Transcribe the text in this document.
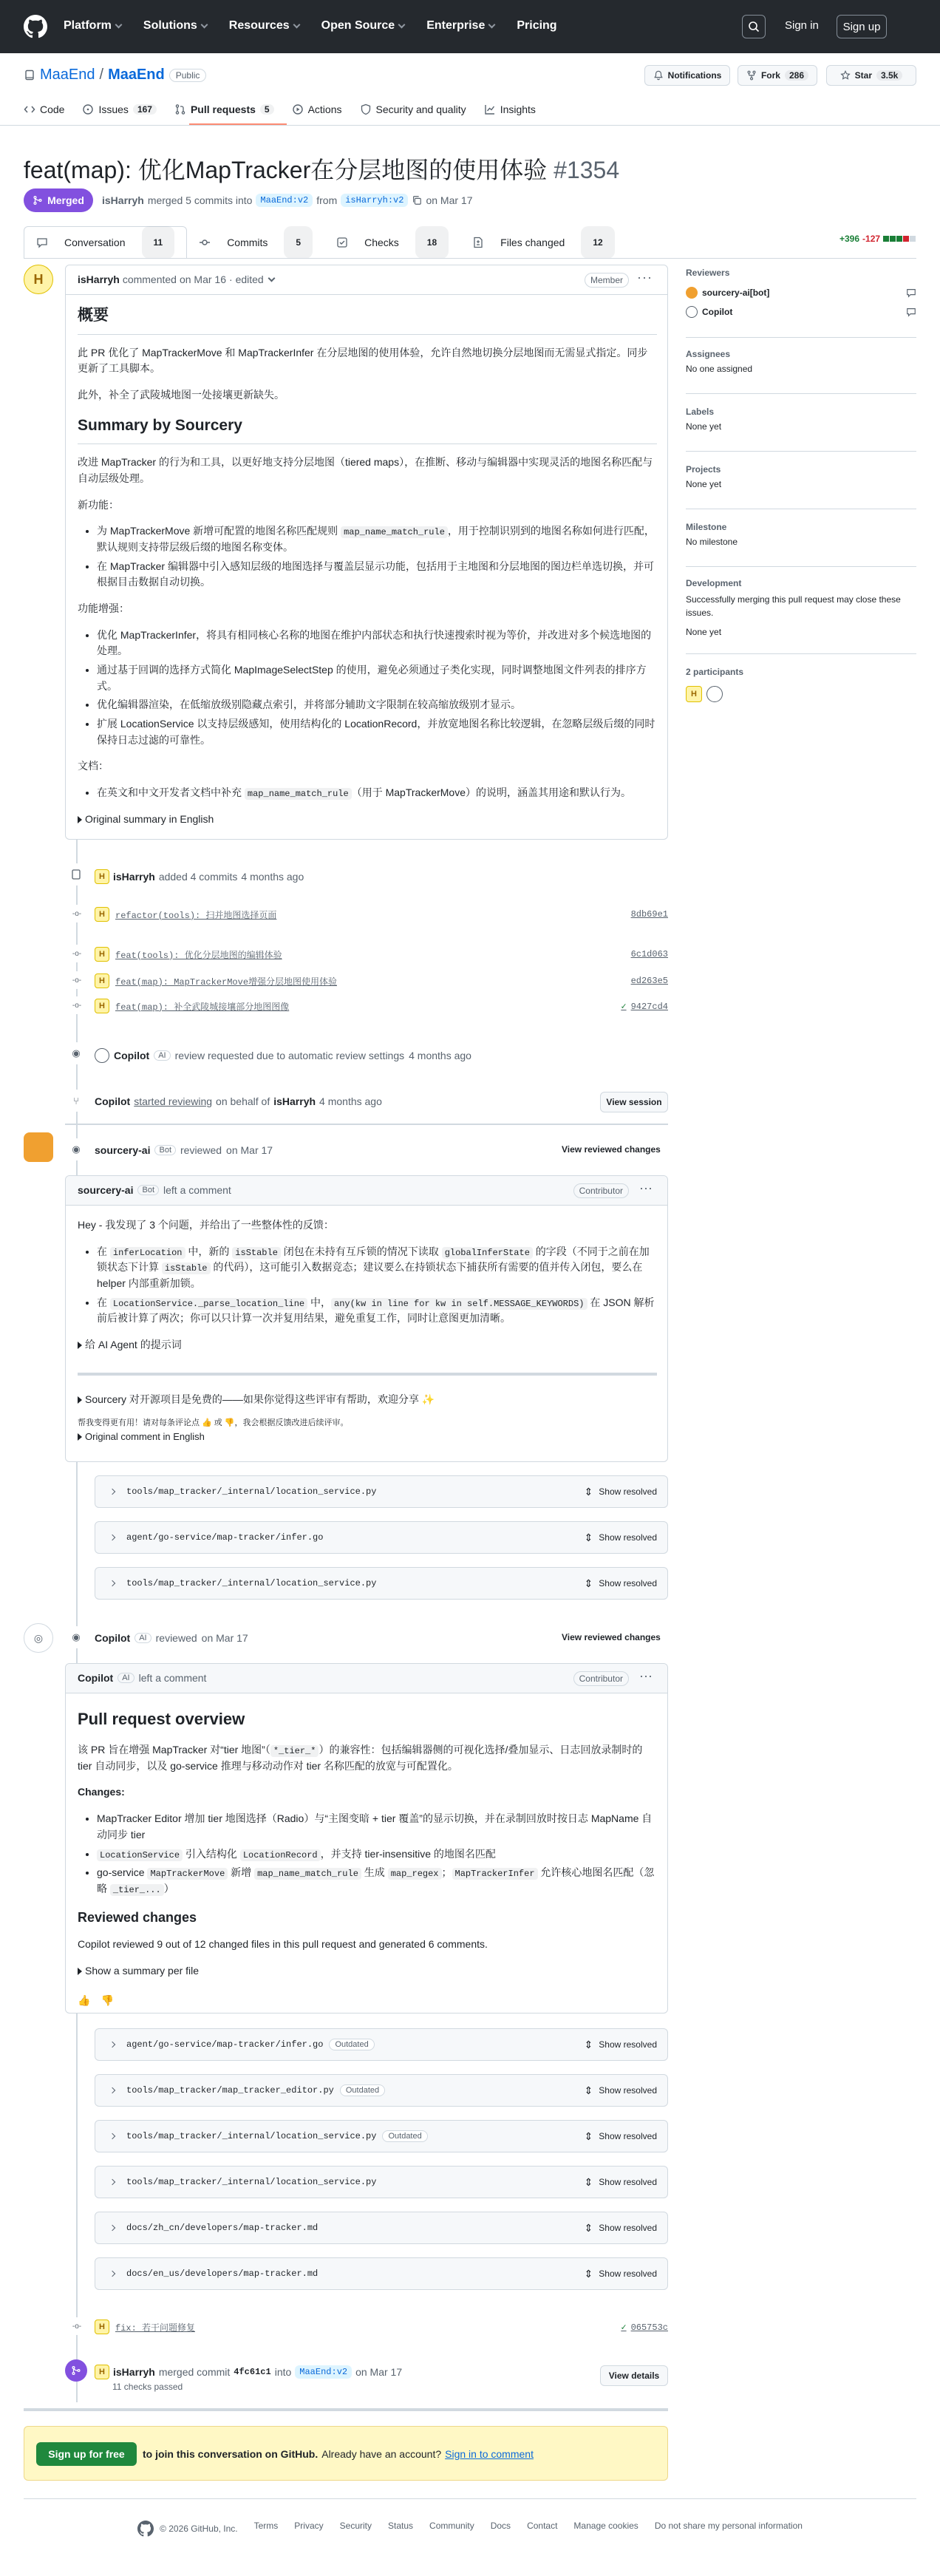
Platform	Solutions	Resources	Open Source	Enterprise	Pricing	Sign in	Sign up
MaaEnd / MaaEnd	Public	Notifications	Fork	286	Star	3.5k
Code	Issues	167	Pull requests	5	Actions	Security and quality	Insights
feat(map): 优化MapTracker在分层地图的使用体验 #1354
Merged isHarryh merged 5 commits into MaaEnd:v2 from isHarryh:v2	on Mar 17
Conversation	11	Commits	5	Checks	18	Files changed	12	+396 -127
H	isHarryh commented on Mar 16 · edited	Member	···
概要

此 PR 优化了 MapTrackerMove 和 MapTrackerInfer 在分层地图的使用体验，允许自然地切换分层地图而无需显式指定。同步更新了工具脚本。

此外，补全了武陵城地图一处接壤更新缺失。

Summary by Sourcery

改进 MapTracker 的行为和工具，以更好地支持分层地图（tiered maps），在推断、移动与编辑器中实现灵活的地图名称匹配与自动层级处理。

新功能：

• 为 MapTrackerMove 新增可配置的地图名称匹配规则 map_name_match_rule ，用于控制识别到的地图名称如何进行匹配，默认规则支持带层级后缀的地图名称变体。
• 在 MapTracker 编辑器中引入感知层级的地图选择与覆盖层显示功能，包括用于主地图和分层地图的图边栏单选切换，并可根据目击数据自动切换。

功能增强：

• 优化 MapTrackerInfer，将具有相同核心名称的地图在维护内部状态和执行快速搜索时视为等价，并改进对多个候选地图的处理。
• 通过基于回调的选择方式简化 MapImageSelectStep 的使用，避免必须通过子类化实现，同时调整地图文件列表的排序方式。
• 优化编辑器渲染，在低缩放级别隐藏点索引，并将部分辅助文字限制在较高缩放级别才显示。
• 扩展 LocationService 以支持层级感知，使用结构化的 LocationRecord，并放宽地图名称比较逻辑，在忽略层级后缀的同时保持日志过滤的可靠性。

文档：

• 在英文和中文开发者文档中补充 map_name_match_rule （用于 MapTrackerMove）的说明，涵盖其用途和默认行为。
Original summary in English
Reviewers
sourcery-ai[bot]
Copilot
Assignees
No one assigned
Labels
None yet
Projects
None yet
Milestone
No milestone
Development
Successfully merging this pull request may close these issues.
None yet
2 participants
H
H isHarryh added 4 commits 4 months ago
-o-	H	refactor(tools): 扫并地图选择页面	8db69e1
-o-	H	feat(tools): 优化分层地图的编辑体验	6c1d063
-o-	H	feat(map): MapTrackerMove增强分层地图使用体验	ed263e5
-o-	H	feat(map): 补全武陵城接壤部分地图图像	✓ 9427cd4
◉	Copilot	AI review requested due to automatic review settings 4 months ago
⑂	Copilot started reviewing on behalf of isHarryh 4 months ago	View session
◉	sourcery-ai	Bot reviewed on Mar 17	View reviewed changes
sourcery-ai	Bot left a comment	Contributor	···

Hey - 我发现了 3 个问题，并给出了一些整体性的反馈：

• 在 inferLocation 中，新的 isStable 闭包在未持有互斥锁的情况下读取 globalInferState 的字段（不同于之前在加锁状态下计算 isStable 的代码），这可能引入数据竞态；建议要么在持锁状态下捕获所有需要的值并传入闭包，要么在 helper 内部重新加锁。
• 在 LocationService._parse_location_line 中， any(kw in line for kw in self.MESSAGE_KEYWORDS) 在 JSON 解析前后被计算了两次；你可以只计算一次并复用结果，避免重复工作，同时让意图更加清晰。
给 AI Agent 的提示词
Sourcery 对开源项目是免费的——如果你觉得这些评审有帮助，欢迎分享 ✨
帮我变得更有用！请对每条评论点 👍 或 👎，我会根据反馈改进后续评审。
Original comment in English
tools/map_tracker/_internal/location_service.py	⇕ Show resolved
agent/go-service/map-tracker/infer.go	⇕ Show resolved
tools/map_tracker/_internal/location_service.py	⇕ Show resolved
◎	◉	Copilot	AI reviewed on Mar 17	View reviewed changes
Copilot	AI left a comment	Contributor	···
Pull request overview

该 PR 旨在增强 MapTracker 对“tier 地图”（ *_tier_* ）的兼容性：包括编辑器侧的可视化选择/叠加显示、日志回放录制时的 tier 自动同步，以及 go-service 推理与移动动作对 tier 名称匹配的放宽与可配置化。

Changes:

• MapTracker Editor 增加 tier 地图选择（Radio）与“主图变暗 + tier 覆盖”的显示切换，并在录制回放时按日志 MapName 自动同步 tier
• LocationService 引入结构化 LocationRecord ，并支持 tier-insensitive 的地图名匹配
• go-service MapTrackerMove 新增 map_name_match_rule 生成 map_regex ； MapTrackerInfer 允许核心地图名匹配（忽略 _tier_... ）
Reviewed changes

Copilot reviewed 9 out of 12 changed files in this pull request and generated 6 comments.

Show a summary per file
👍 👎
agent/go-service/map-tracker/infer.go	Outdated	⇕ Show resolved
tools/map_tracker/map_tracker_editor.py	Outdated	⇕ Show resolved
tools/map_tracker/_internal/location_service.py	Outdated	⇕ Show resolved
tools/map_tracker/_internal/location_service.py	⇕ Show resolved
docs/zh_cn/developers/map-tracker.md	⇕ Show resolved
docs/en_us/developers/map-tracker.md	⇕ Show resolved
-o-	H	fix: 若干问题修复	✓ 065753c
H isHarryh merged commit 4fc61c1 into MaaEnd:v2 on Mar 17
11 checks passed
View details
Sign up for free	to join this conversation on GitHub. Already have an account? Sign in to comment
© 2026 GitHub, Inc. Terms Privacy Security Status Community Docs Contact Manage cookies Do not share my personal information
